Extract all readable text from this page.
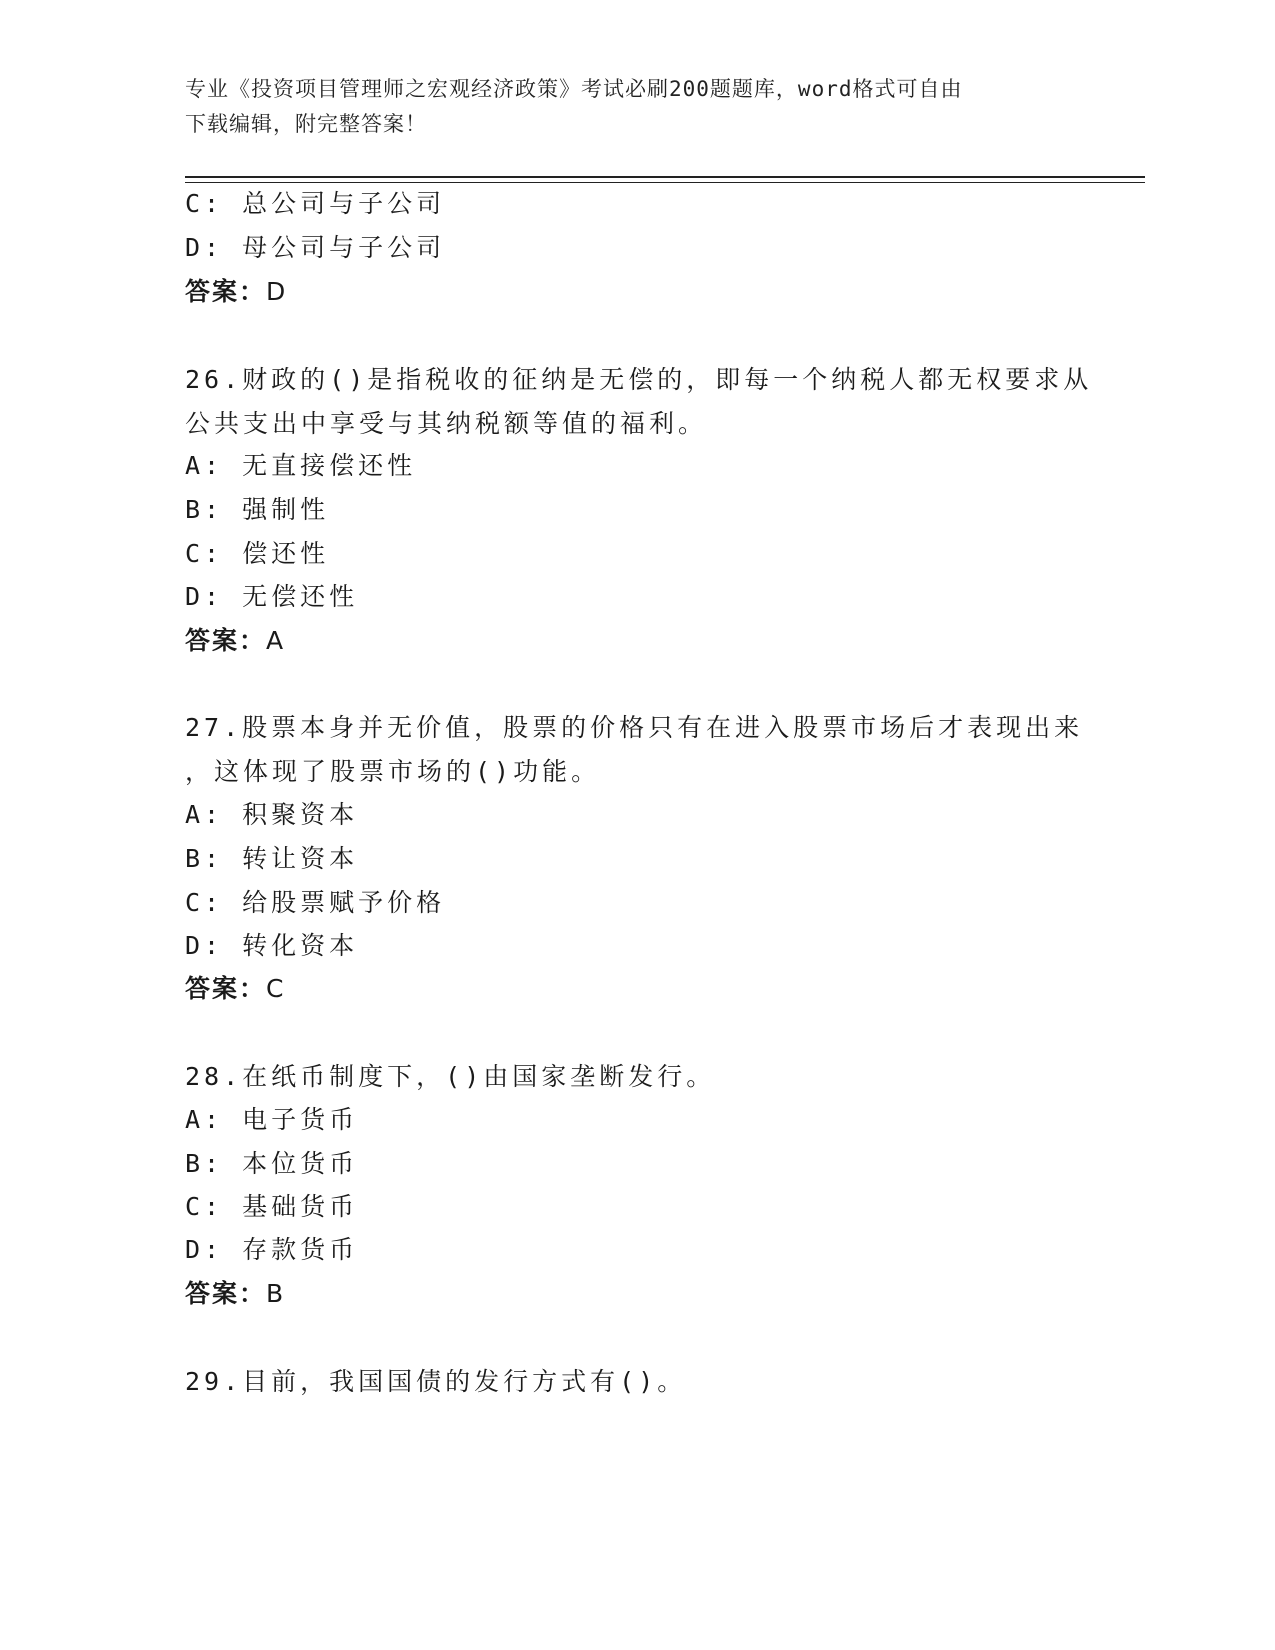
专业《投资项目管理师之宏观经济政策》考试必刷200题题库，word格式可自由
下载编辑，附完整答案！
C: 总公司与子公司
D: 母公司与子公司
答案：D
26.财政的()是指税收的征纳是无偿的，即每一个纳税人都无权要求从
公共支出中享受与其纳税额等值的福利。
A: 无直接偿还性
B: 强制性
C: 偿还性
D: 无偿还性
答案：A
27.股票本身并无价值，股票的价格只有在进入股票市场后才表现出来
，这体现了股票市场的()功能。
A: 积聚资本
B: 转让资本
C: 给股票赋予价格
D: 转化资本
答案：C
28.在纸币制度下，()由国家垄断发行。
A: 电子货币
B: 本位货币
C: 基础货币
D: 存款货币
答案：B
29.目前，我国国债的发行方式有()。
